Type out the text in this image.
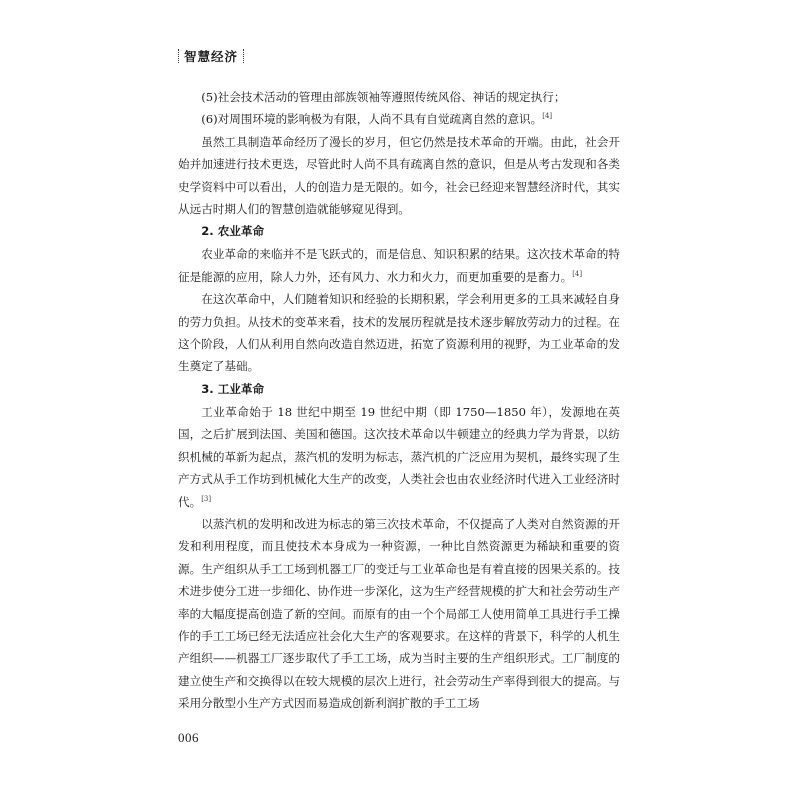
智慧经济

(5)社会技术活动的管理由部族领袖等遵照传统风俗、神话的规定执行；

(6)对周围环境的影响极为有限，人尚不具有自觉疏离自然的意识。[4]

虽然工具制造革命经历了漫长的岁月，但它仍然是技术革命的开端。由此，社会开始并加速进行技术更迭，尽管此时人尚不具有疏离自然的意识，但是从考古发现和各类史学资料中可以看出，人的创造力是无限的。如今，社会已经迎来智慧经济时代，其实从远古时期人们的智慧创造就能够窥见得到。

2. 农业革命

农业革命的来临并不是飞跃式的，而是信息、知识积累的结果。这次技术革命的特征是能源的应用，除人力外，还有风力、水力和火力，而更加重要的是畜力。[4]

在这次革命中，人们随着知识和经验的长期积累，学会利用更多的工具来减轻自身的劳力负担。从技术的变革来看，技术的发展历程就是技术逐步解放劳动力的过程。在这个阶段，人们从利用自然向改造自然迈进，拓宽了资源利用的视野，为工业革命的发生奠定了基础。

3. 工业革命

工业革命始于 18 世纪中期至 19 世纪中期（即 1750—1850 年），发源地在英国，之后扩展到法国、美国和德国。这次技术革命以牛顿建立的经典力学为背景，以纺织机械的革新为起点，蒸汽机的发明为标志，蒸汽机的广泛应用为契机，最终实现了生产方式从手工作坊到机械化大生产的改变，人类社会也由农业经济时代进入工业经济时代。[3]

以蒸汽机的发明和改进为标志的第三次技术革命，不仅提高了人类对自然资源的开发和利用程度，而且使技术本身成为一种资源，一种比自然资源更为稀缺和重要的资源。生产组织从手工工场到机器工厂的变迁与工业革命也是有着直接的因果关系的。技术进步使分工进一步细化、协作进一步深化，这为生产经营规模的扩大和社会劳动生产率的大幅度提高创造了新的空间。而原有的由一个个局部工人使用简单工具进行手工操作的手工工场已经无法适应社会化大生产的客观要求。在这样的背景下，科学的人机生产组织——机器工厂逐步取代了手工工场，成为当时主要的生产组织形式。工厂制度的建立使生产和交换得以在较大规模的层次上进行，社会劳动生产率得到很大的提高。与采用分散型小生产方式因而易造成创新利润扩散的手工工场

006
